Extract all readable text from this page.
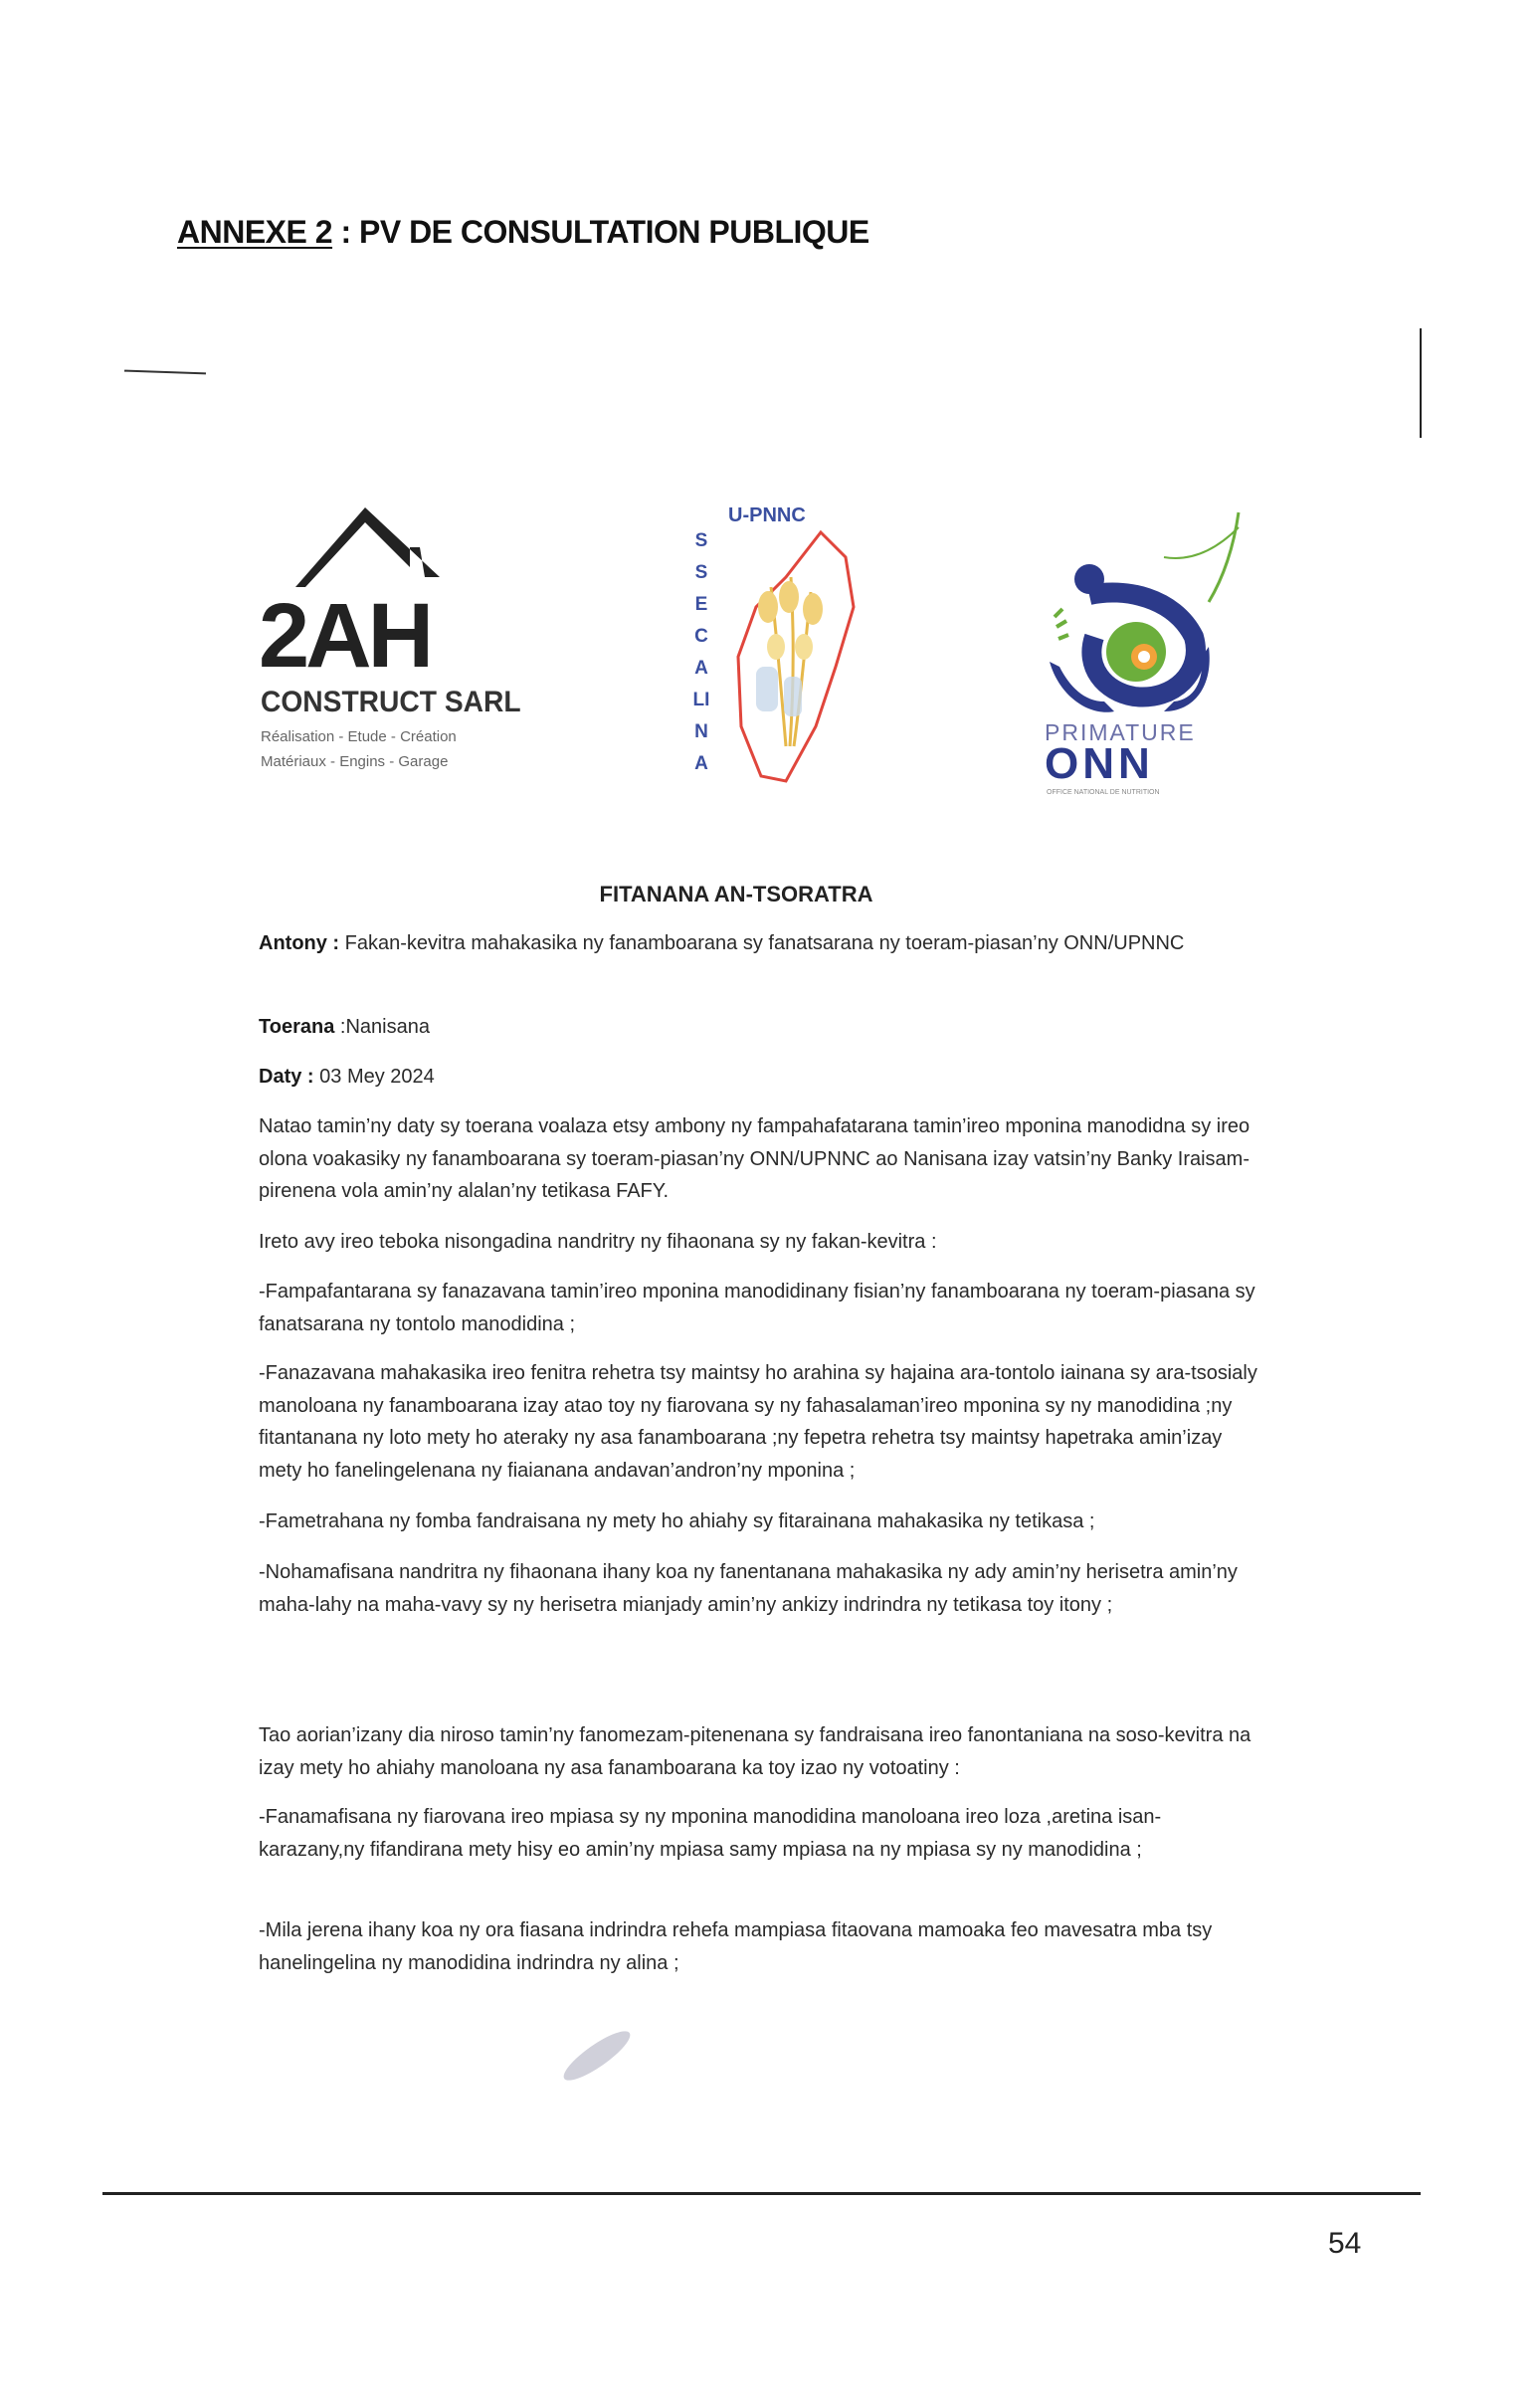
ANNEXE 2 : PV DE CONSULTATION PUBLIQUE
2AH
CONSTRUCT SARL
Réalisation - Etude - Création
Matériaux - Engins - Garage
U-PNNC
SSECALINA
PRIMATURE
ONN
OFFICE NATIONAL DE NUTRITION
FITANANA AN-TSORATRA
Antony : Fakan-kevitra mahakasika ny fanamboarana sy fanatsarana ny toeram-piasan’ny ONN/UPNNC
Toerana :Nanisana
Daty : 03 Mey 2024
Natao tamin’ny daty sy toerana voalaza etsy ambony ny fampahafatarana tamin’ireo mponina manodidna sy ireo olona voakasiky ny fanamboarana sy toeram-piasan’ny ONN/UPNNC ao Nanisana izay vatsin’ny Banky Iraisam-pirenena vola amin’ny alalan’ny tetikasa FAFY.
Ireto avy ireo teboka nisongadina nandritry ny fihaonana sy ny fakan-kevitra :
-Fampafantarana sy fanazavana tamin’ireo mponina manodidinany fisian’ny fanamboarana ny toeram-piasana sy fanatsarana ny tontolo manodidina ;
-Fanazavana mahakasika ireo fenitra rehetra tsy maintsy ho arahina sy hajaina ara-tontolo iainana sy ara-tsosialy manoloana ny fanamboarana izay atao toy ny fiarovana sy ny fahasalaman’ireo mponina sy ny manodidina ;ny fitantanana ny loto mety ho ateraky ny asa fanamboarana ;ny fepetra rehetra tsy maintsy hapetraka amin’izay mety ho fanelingelenana ny fiaianana andavan’andron’ny mponina ;
-Fametrahana ny fomba fandraisana ny mety ho ahiahy sy fitarainana mahakasika ny tetikasa ;
-Nohamafisana nandritra ny fihaonana ihany koa ny fanentanana mahakasika ny ady amin’ny herisetra amin’ny maha-lahy na maha-vavy sy ny herisetra mianjady amin’ny ankizy indrindra ny tetikasa toy itony ;
Tao aorian’izany dia niroso tamin’ny fanomezam-pitenenana sy fandraisana ireo fanontaniana na soso-kevitra na izay mety ho ahiahy manoloana ny asa fanamboarana ka toy izao ny votoatiny :
-Fanamafisana ny fiarovana ireo mpiasa sy ny mponina manodidina manoloana ireo loza ,aretina isan-karazany,ny fifandirana mety hisy eo amin’ny mpiasa samy mpiasa na ny mpiasa sy ny manodidina ;
-Mila jerena ihany koa ny ora fiasana indrindra rehefa mampiasa fitaovana mamoaka feo mavesatra mba tsy hanelingelina ny manodidina indrindra ny alina ;
54
